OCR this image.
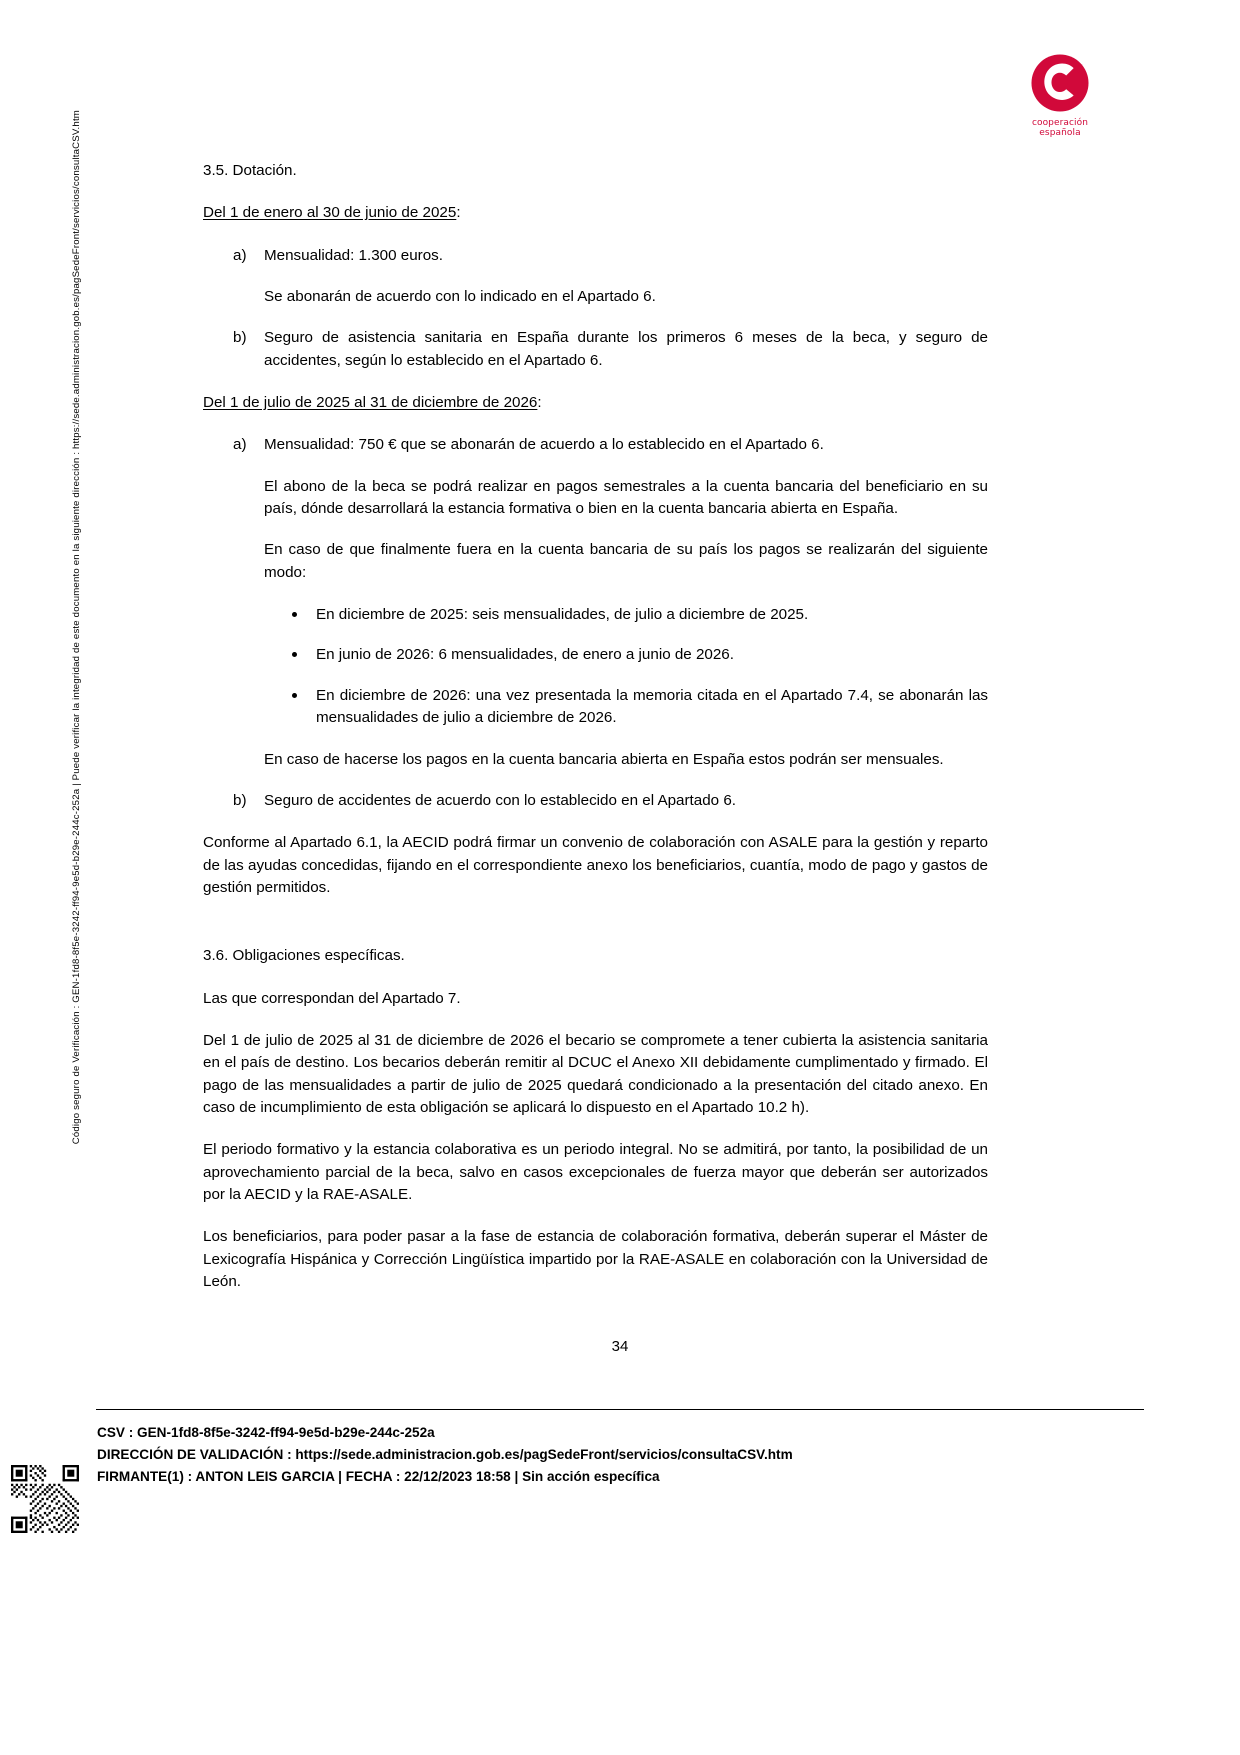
Código seguro de Verificación : GEN-1fd8-8f5e-3242-ff94-9e5d-b29e-244c-252a | Puede verificar la integridad de este documento en la siguiente dirección : https://sede.administracion.gob.es/pagSedeFront/servicios/consultaCSV.htm	cooperación
española

3.5. Dotación.

Del 1 de enero al 30 de junio de 2025:

a)	Mensualidad: 1.300 euros.
Se abonarán de acuerdo con lo indicado en el Apartado 6.
b)	Seguro de asistencia sanitaria en España durante los primeros 6 meses de la beca, y seguro de accidentes, según lo establecido en el Apartado 6.

Del 1 de julio de 2025 al 31 de diciembre de 2026:

a)	Mensualidad: 750 € que se abonarán de acuerdo a lo establecido en el Apartado 6.
El abono de la beca se podrá realizar en pagos semestrales a la cuenta bancaria del beneficiario en su país, dónde desarrollará la estancia formativa o bien en la cuenta bancaria abierta en España.
En caso de que finalmente fuera en la cuenta bancaria de su país los pagos se realizarán del siguiente modo:
En diciembre de 2025: seis mensualidades, de julio a diciembre de 2025.
En junio de 2026: 6 mensualidades, de enero a junio de 2026.
En diciembre de 2026: una vez presentada la memoria citada en el Apartado 7.4, se abonarán las mensualidades de julio a diciembre de 2026.
En caso de hacerse los pagos en la cuenta bancaria abierta en España estos podrán ser mensuales.
b)	Seguro de accidentes de acuerdo con lo establecido en el Apartado 6.

Conforme al Apartado 6.1, la AECID podrá firmar un convenio de colaboración con ASALE para la gestión y reparto de las ayudas concedidas, fijando en el correspondiente anexo los beneficiarios, cuantía, modo de pago y gastos de gestión permitidos.

3.6. Obligaciones específicas.

Las que correspondan del Apartado 7.

Del 1 de julio de 2025 al 31 de diciembre de 2026 el becario se compromete a tener cubierta la asistencia sanitaria en el país de destino. Los becarios deberán remitir al DCUC el Anexo XII debidamente cumplimentado y firmado. El pago de las mensualidades a partir de julio de 2025 quedará condicionado a la presentación del citado anexo. En caso de incumplimiento de esta obligación se aplicará lo dispuesto en el Apartado 10.2 h).

El periodo formativo y la estancia colaborativa es un periodo integral. No se admitirá, por tanto, la posibilidad de un aprovechamiento parcial de la beca, salvo en casos excepcionales de fuerza mayor que deberán ser autorizados por la AECID y la RAE-ASALE.

Los beneficiarios, para poder pasar a la fase de estancia de colaboración formativa, deberán superar el Máster de Lexicografía Hispánica y Corrección Lingüística impartido por la RAE-ASALE en colaboración con la Universidad de León.

34
CSV : GEN-1fd8-8f5e-3242-ff94-9e5d-b29e-244c-252a
DIRECCIÓN DE VALIDACIÓN : https://sede.administracion.gob.es/pagSedeFront/servicios/consultaCSV.htm
FIRMANTE(1) : ANTON LEIS GARCIA | FECHA : 22/12/2023 18:58 | Sin acción específica
